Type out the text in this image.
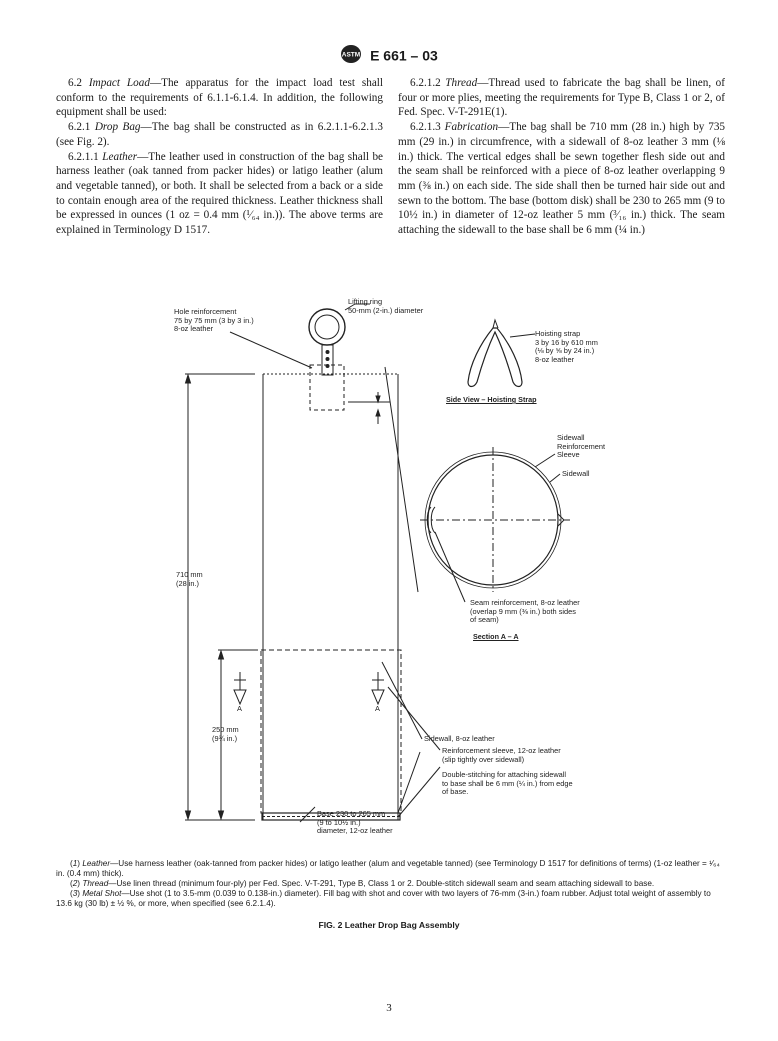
ASTM E 661 – 03

6.2 Impact Load—The apparatus for the impact load test shall conform to the requirements of 6.1.1-6.1.4. In addition, the following equipment shall be used:

6.2.1 Drop Bag—The bag shall be constructed as in 6.2.1.1-6.2.1.3 (see Fig. 2).

6.2.1.1 Leather—The leather used in construction of the bag shall be harness leather (oak tanned from packer hides) or latigo leather (alum and vegetable tanned), or both. It shall be selected from a back or a side to contain enough area of the required thickness. Leather thickness shall be expressed in ounces (1 oz = 0.4 mm (¹⁄₆₄ in.)). The above terms are explained in Terminology D 1517.

6.2.1.2 Thread—Thread used to fabricate the bag shall be linen, of four or more plies, meeting the requirements for Type B, Class 1 or 2, of Fed. Spec. V-T-291E(1).

6.2.1.3 Fabrication—The bag shall be 710 mm (28 in.) high by 735 mm (29 in.) in circumfrence, with a sidewall of 8-oz leather 3 mm (⅛ in.) thick. The vertical edges shall be sewn together flesh side out and the seam shall be reinforced with a piece of 8-oz leather overlapping 9 mm (⅜ in.) on each side. The side shall then be turned hair side out and sewn to the bottom. The base (bottom disk) shall be 230 to 265 mm (9 to 10½ in.) in diameter of 12-oz leather 5 mm (³⁄₁₆ in.) thick. The seam attaching the sidewall to the base shall be 6 mm (¼ in.)

Lifting ring
50-mm (2-in.) diameter
Hole reinforcement
75 by 75 mm (3 by 3 in.)
8-oz leather
Hoisting strap
3 by 16 by 610 mm
(⅛ by ⅝ by 24 in.)
8-oz leather
Side View – Hoisting Strap
Sidewall
Reinforcement
Sleeve
Sidewall
Seam reinforcement, 8-oz leather
(overlap 9 mm (⅜ in.) both sides
of seam)
Section A – A
710 mm
(28 in.)
250 mm
(9¾ in.)
A	A
Sidewall, 8-oz leather
Reinforcement sleeve, 12-oz leather
(slip tightly over sidewall)
Double-stitching for attaching sidewall
to base shall be 6 mm (¼ in.) from edge
of base.
Base 230 to 265 mm
(9 to 10½ in.)
diameter, 12-oz leather

(1) Leather—Use harness leather (oak-tanned from packer hides) or latigo leather (alum and vegetable tanned) (see Terminology D 1517 for definitions of terms) (1-oz leather = ¹⁄₆₄ in. (0.4 mm) thick).

(2) Thread—Use linen thread (minimum four-ply) per Fed. Spec. V-T-291, Type B, Class 1 or 2. Double-stitch sidewall seam and seam attaching sidewall to base.

(3) Metal Shot—Use shot (1 to 3.5-mm (0.039 to 0.138-in.) diameter). Fill bag with shot and cover with two layers of 76-mm (3-in.) foam rubber. Adjust total weight of assembly to 13.6 kg (30 lb) ± ½ %, or more, when specified (see 6.2.1.4).

FIG. 2 Leather Drop Bag Assembly
3
